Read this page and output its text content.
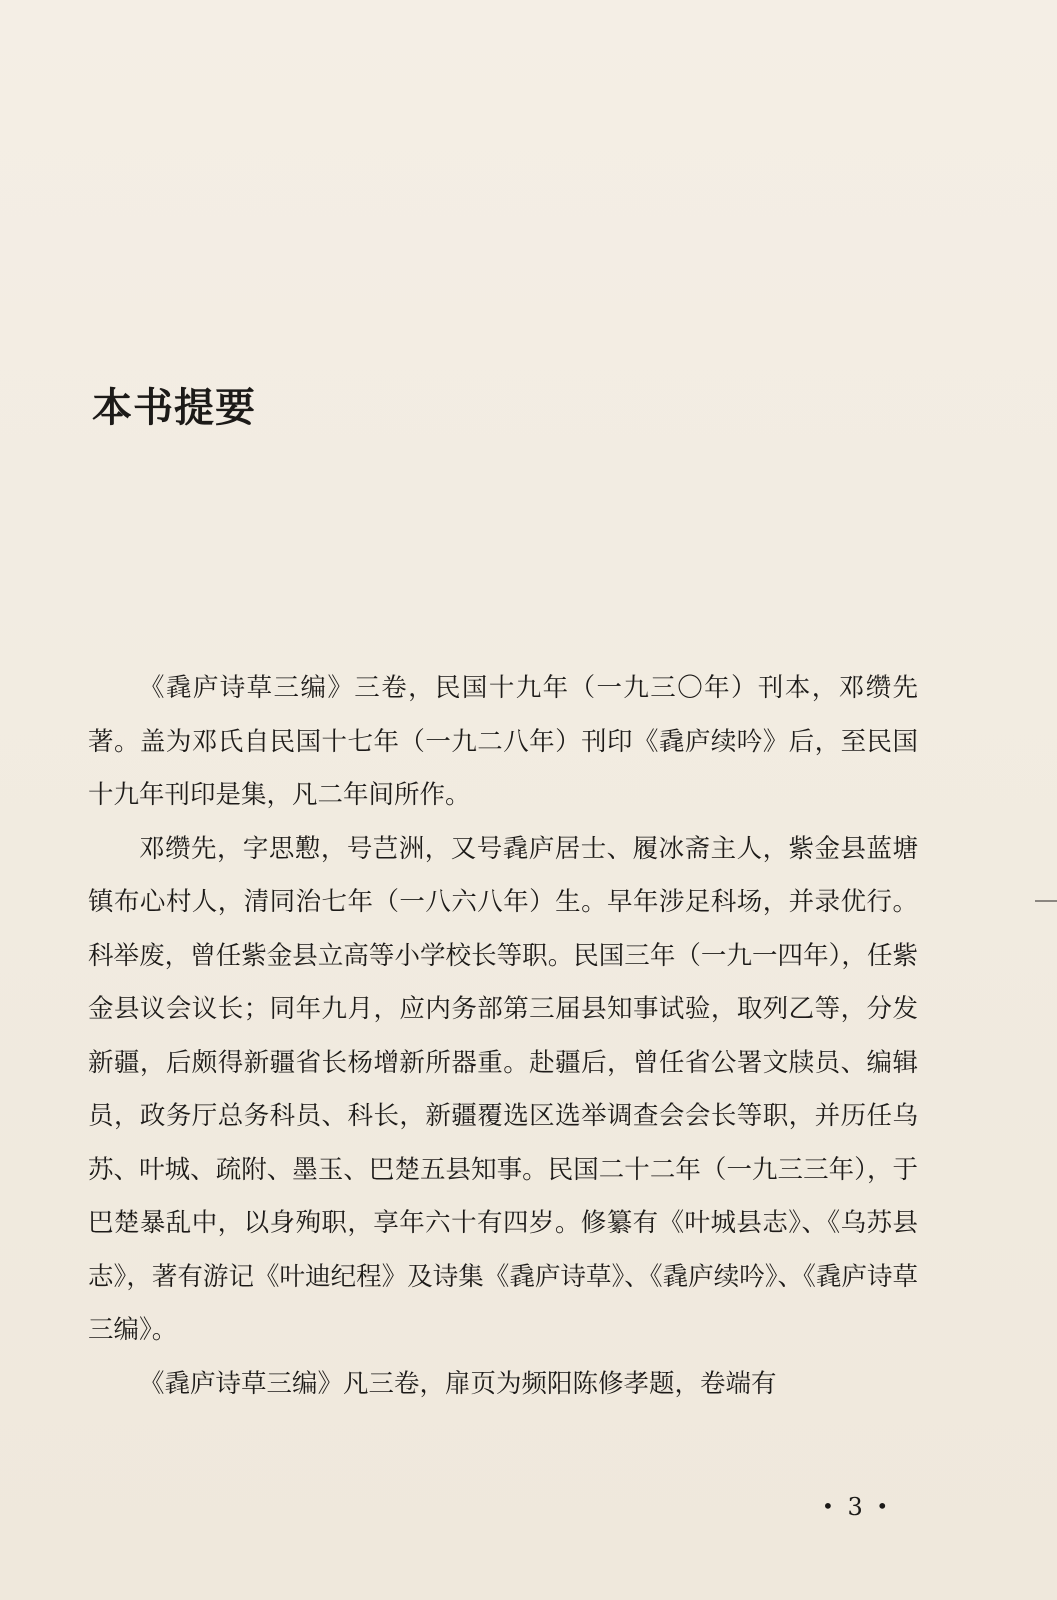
本书提要

《毳庐诗草三编》三卷，民国十九年（一九三〇年）刊本，邓缵先著。盖为邓氏自民国十七年（一九二八年）刊印《毳庐续吟》后，至民国十九年刊印是集，凡二年间所作。

邓缵先，字思懃，号芑洲，又号毳庐居士、履冰斋主人，紫金县蓝塘镇布心村人，清同治七年（一八六八年）生。早年涉足科场，并录优行。科举废，曾任紫金县立高等小学校长等职。民国三年（一九一四年），任紫金县议会议长；同年九月，应内务部第三届县知事试验，取列乙等，分发新疆，后颇得新疆省长杨增新所器重。赴疆后，曾任省公署文牍员、编辑员，政务厅总务科员、科长，新疆覆选区选举调查会会长等职，并历任乌苏、叶城、疏附、墨玉、巴楚五县知事。民国二十二年（一九三三年），于巴楚暴乱中，以身殉职，享年六十有四岁。修纂有《叶城县志》、《乌苏县志》，著有游记《叶迪纪程》及诗集《毳庐诗草》、《毳庐续吟》、《毳庐诗草三编》。

《毳庐诗草三编》凡三卷，扉页为频阳陈修孝题，卷端有

• 3 •
